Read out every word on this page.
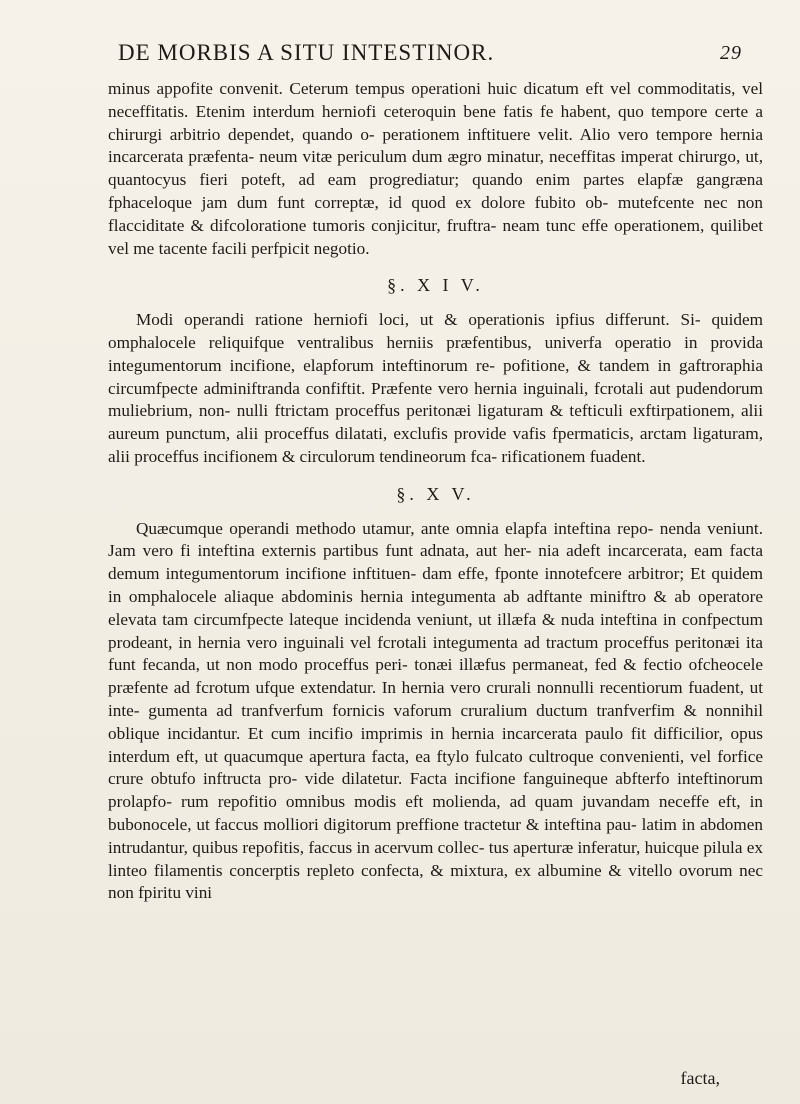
DE MORBIS A SITU INTESTINOR.	29

minus appofite convenit. Ceterum tempus operationi huic dicatum eft vel commoditatis, vel neceffitatis. Etenim interdum herniofi ceteroquin bene fatis fe habent, quo tempore certe a chirurgi arbitrio dependet, quando o- perationem inftituere velit. Alio vero tempore hernia incarcerata præfenta- neum vitæ periculum dum ægro minatur, neceffitas imperat chirurgo, ut, quantocyus fieri poteft, ad eam progrediatur; quando enim partes elapfæ gangræna fphaceloque jam dum funt correptæ, id quod ex dolore fubito ob- mutefcente nec non flacciditate & difcoloratione tumoris conjicitur, fruftra- neam tunc effe operationem, quilibet vel me tacente facili perfpicit negotio.

§. X I V.

Modi operandi ratione herniofi loci, ut & operationis ipfius differunt. Si- quidem omphalocele reliquifque ventralibus herniis præfentibus, univerfa operatio in provida integumentorum incifione, elapforum inteftinorum re- pofitione, & tandem in gaftroraphia circumfpecte adminiftranda confiftit. Præfente vero hernia inguinali, fcrotali aut pudendorum muliebrium, non- nulli ftrictam proceffus peritonæi ligaturam & tefticuli exftirpationem, alii aureum punctum, alii proceffus dilatati, exclufis provide vafis fpermaticis, arctam ligaturam, alii proceffus incifionem & circulorum tendineorum fca- rificationem fuadent.

§. X V.

Quæcumque operandi methodo utamur, ante omnia elapfa inteftina repo- nenda veniunt. Jam vero fi inteftina externis partibus funt adnata, aut her- nia adeft incarcerata, eam facta demum integumentorum incifione inftituen- dam effe, fponte innotefcere arbitror; Et quidem in omphalocele aliaque abdominis hernia integumenta ab adftante miniftro & ab operatore elevata tam circumfpecte lateque incidenda veniunt, ut illæfa & nuda inteftina in confpectum prodeant, in hernia vero inguinali vel fcrotali integumenta ad tractum proceffus peritonæi ita funt fecanda, ut non modo proceffus peri- tonæi illæfus permaneat, fed & fectio ofcheocele præfente ad fcrotum ufque extendatur. In hernia vero crurali nonnulli recentiorum fuadent, ut inte- gumenta ad tranfverfum fornicis vaforum cruralium ductum tranfverfim & nonnihil oblique incidantur. Et cum incifio imprimis in hernia incarcerata paulo fit difficilior, opus interdum eft, ut quacumque apertura facta, ea ftylo fulcato cultroque convenienti, vel forfice crure obtufo inftructa pro- vide dilatetur. Facta incifione fanguineque abfterfo inteftinorum prolapfo- rum repofitio omnibus modis eft molienda, ad quam juvandam neceffe eft, in bubonocele, ut faccus molliori digitorum preffione tractetur & inteftina pau- latim in abdomen intrudantur, quibus repofitis, faccus in acervum collec- tus aperturæ inferatur, huicque pilula ex linteo filamentis concerptis repleto confecta, & mixtura, ex albumine & vitello ovorum nec non fpiritu vini

facta,
